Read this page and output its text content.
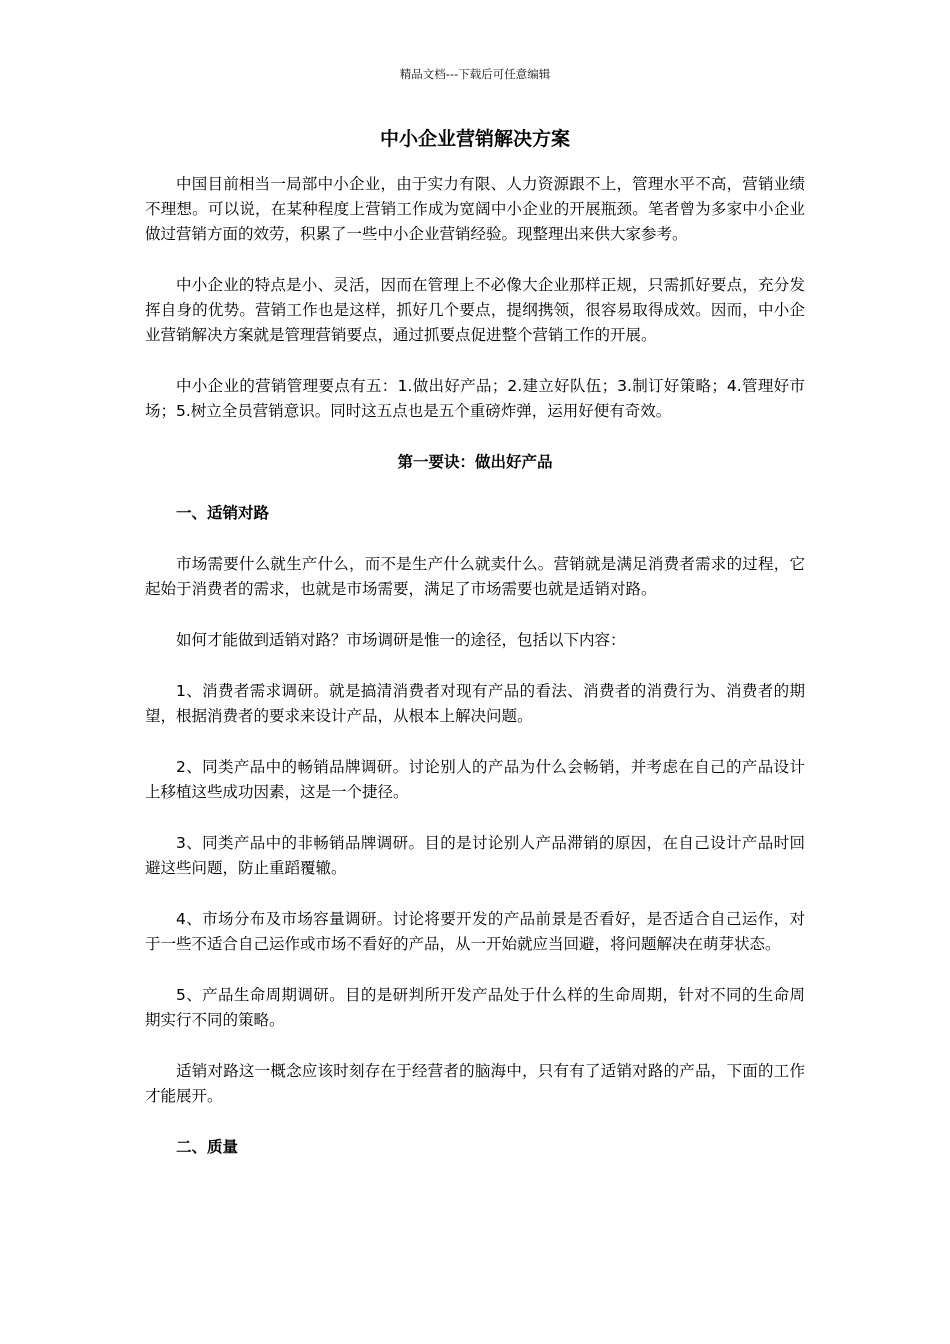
精品文档---下载后可任意编辑
中小企业营销解决方案

中国目前相当一局部中小企业，由于实力有限、人力资源跟不上，管理水平不高，营销业绩不理想。可以说，在某种程度上营销工作成为宽阔中小企业的开展瓶颈。笔者曾为多家中小企业做过营销方面的效劳，积累了一些中小企业营销经验。现整理出来供大家参考。

中小企业的特点是小、灵活，因而在管理上不必像大企业那样正规，只需抓好要点，充分发挥自身的优势。营销工作也是这样，抓好几个要点，提纲携领，很容易取得成效。因而，中小企业营销解决方案就是管理营销要点，通过抓要点促进整个营销工作的开展。

中小企业的营销管理要点有五：1.做出好产品；2.建立好队伍；3.制订好策略；4.管理好市场；5.树立全员营销意识。同时这五点也是五个重磅炸弹，运用好便有奇效。

第一要诀：做出好产品
一、适销对路

市场需要什么就生产什么，而不是生产什么就卖什么。营销就是满足消费者需求的过程，它起始于消费者的需求，也就是市场需要，满足了市场需要也就是适销对路。

如何才能做到适销对路？市场调研是惟一的途径，包括以下内容：

1、消费者需求调研。就是搞清消费者对现有产品的看法、消费者的消费行为、消费者的期望，根据消费者的要求来设计产品，从根本上解决问题。

2、同类产品中的畅销品牌调研。讨论别人的产品为什么会畅销，并考虑在自己的产品设计上移植这些成功因素，这是一个捷径。

3、同类产品中的非畅销品牌调研。目的是讨论别人产品滞销的原因，在自己设计产品时回避这些问题，防止重蹈覆辙。

4、市场分布及市场容量调研。讨论将要开发的产品前景是否看好，是否适合自己运作，对于一些不适合自己运作或市场不看好的产品，从一开始就应当回避，将问题解决在萌芽状态。

5、产品生命周期调研。目的是研判所开发产品处于什么样的生命周期，针对不同的生命周期实行不同的策略。

适销对路这一概念应该时刻存在于经营者的脑海中，只有有了适销对路的产品，下面的工作才能展开。

二、质量
